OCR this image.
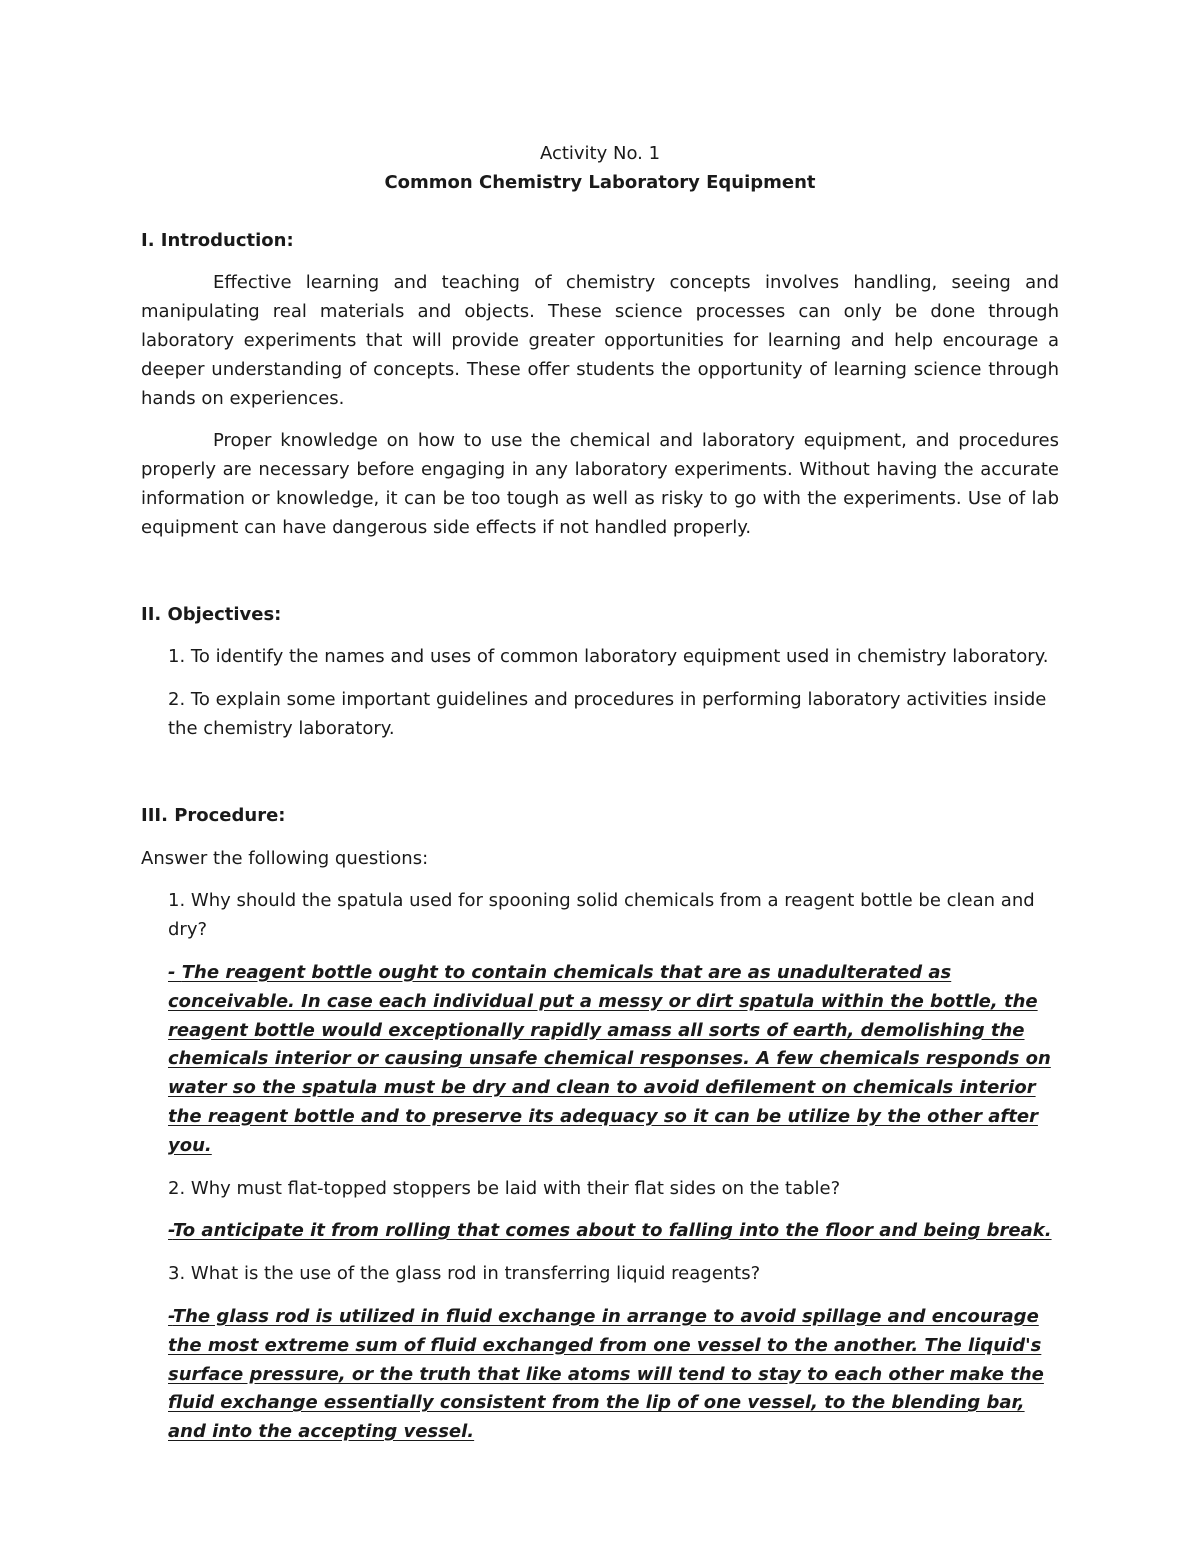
Activity No. 1

Common Chemistry Laboratory Equipment

I. Introduction:

Effective learning and teaching of chemistry concepts involves handling, seeing and manipulating real materials and objects. These science processes can only be done through laboratory experiments that will provide greater opportunities for learning and help encourage a deeper understanding of concepts. These offer students the opportunity of learning science through hands on experiences.

Proper knowledge on how to use the chemical and laboratory equipment, and procedures properly are necessary before engaging in any laboratory experiments. Without having the accurate information or knowledge, it can be too tough as well as risky to go with the experiments. Use of lab equipment can have dangerous side effects if not handled properly.

II. Objectives:

1. To identify the names and uses of common laboratory equipment used in chemistry laboratory.

2. To explain some important guidelines and procedures in performing laboratory activities inside the chemistry laboratory.

III. Procedure:

Answer the following questions:

1. Why should the spatula used for spooning solid chemicals from a reagent bottle be clean and dry?

- The reagent bottle ought to contain chemicals that are as unadulterated as conceivable. In case each individual put a messy or dirt spatula within the bottle, the reagent bottle would exceptionally rapidly amass all sorts of earth, demolishing the chemicals interior or causing unsafe chemical responses. A few chemicals responds on water so the spatula must be dry and clean to avoid defilement on chemicals interior the reagent bottle and to preserve its adequacy so it can be utilize by the other after you.

2. Why must flat-topped stoppers be laid with their flat sides on the table?

-To anticipate it from rolling that comes about to falling into the floor and being break.

3. What is the use of the glass rod in transferring liquid reagents?

-The glass rod is utilized in fluid exchange in arrange to avoid spillage and encourage the most extreme sum of fluid exchanged from one vessel to the another. The liquid's surface pressure, or the truth that like atoms will tend to stay to each other make the fluid exchange essentially consistent from the lip of one vessel, to the blending bar, and into the accepting vessel.
